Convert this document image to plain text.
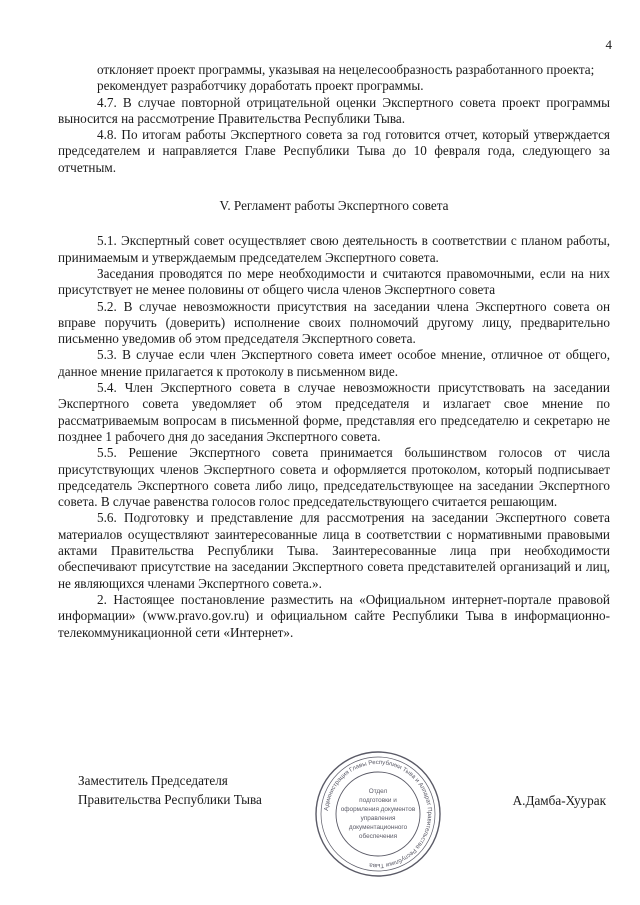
4

отклоняет проект программы, указывая на нецелесообразность разработанного проекта;

рекомендует разработчику доработать проект программы.

4.7. В случае повторной отрицательной оценки Экспертного совета проект программы выносится на рассмотрение Правительства Республики Тыва.

4.8. По итогам работы Экспертного совета за год готовится отчет, который утверждается председателем и направляется Главе Республики Тыва до 10 февраля года, следующего за отчетным.

V. Регламент работы Экспертного совета

5.1. Экспертный совет осуществляет свою деятельность в соответствии с планом работы, принимаемым и утверждаемым председателем Экспертного совета.

Заседания проводятся по мере необходимости и считаются правомочными, если на них присутствует не менее половины от общего числа членов Экспертного совета

5.2. В случае невозможности присутствия на заседании члена Экспертного совета он вправе поручить (доверить) исполнение своих полномочий другому лицу, предварительно письменно уведомив об этом председателя Экспертного совета.

5.3. В случае если член Экспертного совета имеет особое мнение, отличное от общего, данное мнение прилагается к протоколу в письменном виде.

5.4. Член Экспертного совета в случае невозможности присутствовать на заседании Экспертного совета уведомляет об этом председателя и излагает свое мнение по рассматриваемым вопросам в письменной форме, представляя его председателю и секретарю не позднее 1 рабочего дня до заседания Экспертного совета.

5.5. Решение Экспертного совета принимается большинством голосов от числа присутствующих членов Экспертного совета и оформляется протоколом, который подписывает председатель Экспертного совета либо лицо, председательствующее на заседании Экспертного совета. В случае равенства голосов голос председательствующего считается решающим.

5.6. Подготовку и представление для рассмотрения на заседании Экспертного совета материалов осуществляют заинтересованные лица в соответствии с нормативными правовыми актами Правительства Республики Тыва. Заинтересованные лица при необходимости обеспечивают присутствие на заседании Экспертного совета представителей организаций и лиц, не являющихся членами Экспертного совета.».

2. Настоящее постановление разместить на «Официальном интернет-портале правовой информации» (www.pravo.gov.ru) и официальном сайте Республики Тыва в информационно-телекоммуникационной сети «Интернет».

Заместитель Председателя
Правительства Республики Тыва
Администрация Главы Республики Тыва и Аппарат Правительства Республики Тыва
Отдел
подготовки и
оформления документов
управления
документационного
обеспечения
А.Дамба-Хуурак
